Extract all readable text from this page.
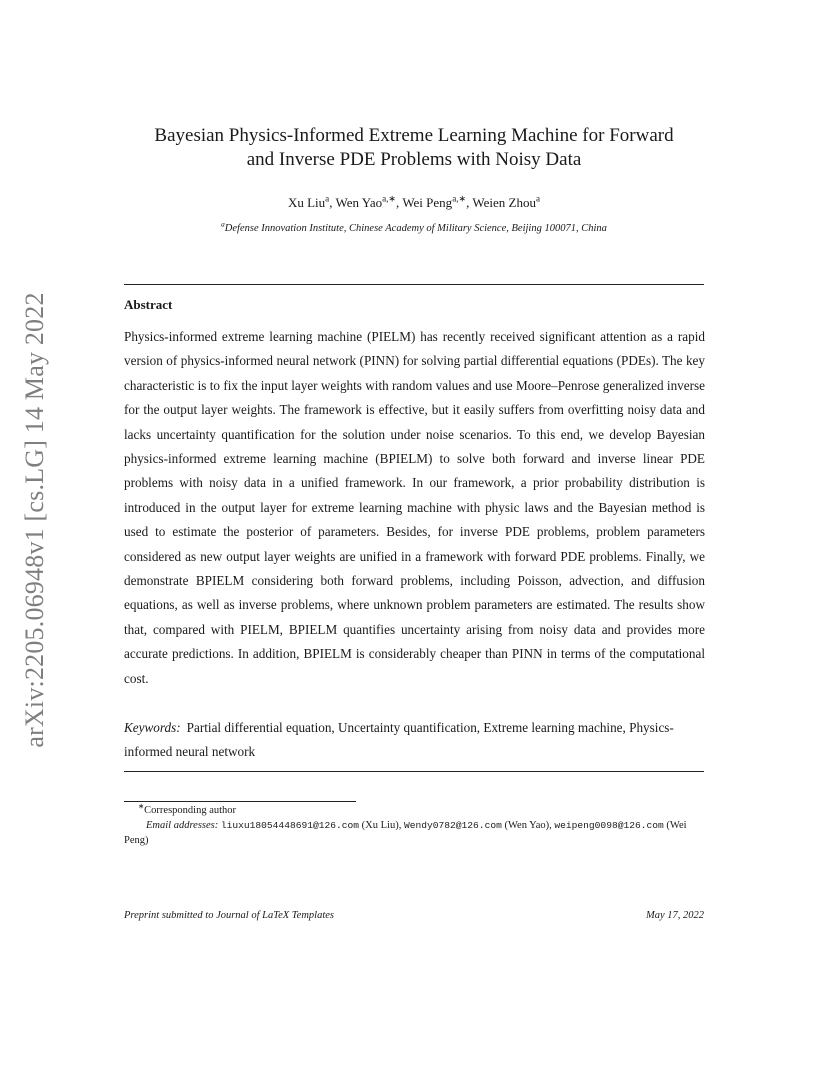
arXiv:2205.06948v1 [cs.LG] 14 May 2022
Bayesian Physics-Informed Extreme Learning Machine for Forward
and Inverse PDE Problems with Noisy Data
Xu Liu$^a$, Wen Yao$^{a,∗}$, Wei Peng$^{a,∗}$, Weien Zhou$^a$
$^a$Defense Innovation Institute, Chinese Academy of Military Science, Beijing 100071, China
Abstract
Physics-informed extreme learning machine (PIELM) has recently received significant attention as a rapid version of physics-informed neural network (PINN) for solving partial differential equations (PDEs). The key characteristic is to fix the input layer weights with random values and use Moore–Penrose generalized inverse for the output layer weights. The framework is effective, but it easily suffers from overfitting noisy data and lacks uncertainty quantification for the solution under noise scenarios. To this end, we develop Bayesian physics-informed extreme learning machine (BPIELM) to solve both forward and inverse linear PDE problems with noisy data in a unified framework. In our framework, a prior probability distribution is introduced in the output layer for extreme learning machine with physic laws and the Bayesian method is used to estimate the posterior of parameters. Besides, for inverse PDE problems, problem parameters considered as new output layer weights are unified in a framework with forward PDE problems. Finally, we demonstrate BPIELM considering both forward problems, including Poisson, advection, and diffusion equations, as well as inverse problems, where unknown problem parameters are estimated. The results show that, compared with PIELM, BPIELM quantifies uncertainty arising from noisy data and provides more accurate predictions. In addition, BPIELM is considerably cheaper than PINN in terms of the computational cost.
Keywords: Partial differential equation, Uncertainty quantification, Extreme learning machine, Physics-informed neural network
∗Corresponding author
Email addresses: liuxu18054448691@126.com (Xu Liu), Wendy0782@126.com (Wen Yao), weipeng0098@126.com (Wei Peng)
Preprint submitted to Journal of LaTeX Templates	May 17, 2022
